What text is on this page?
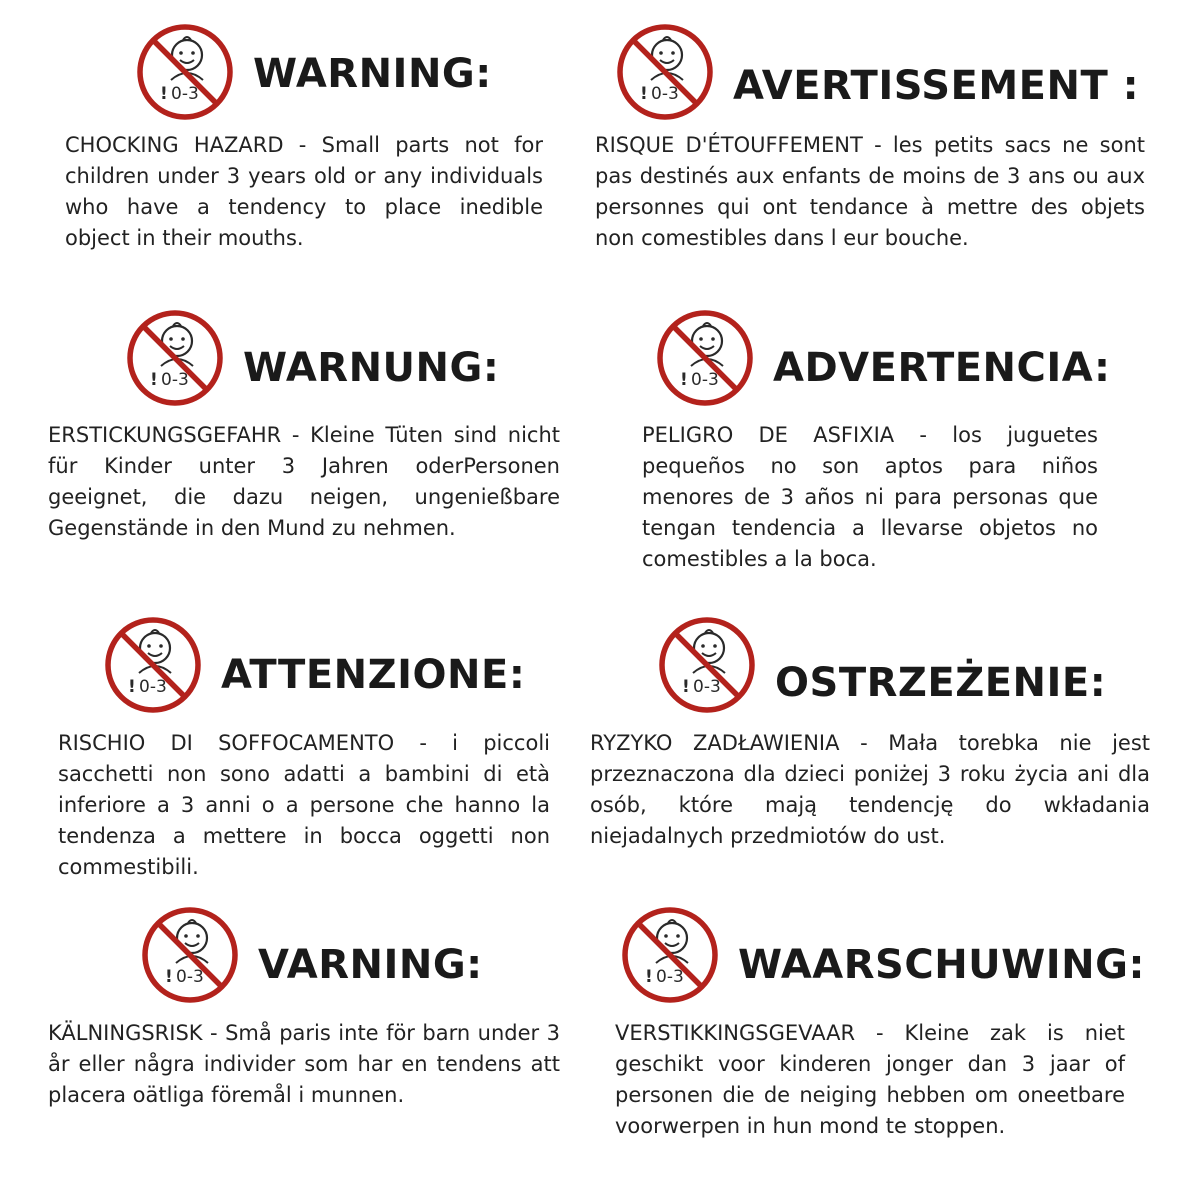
! 0-3 WARNING:

CHOCKING HAZARD - Small parts not for children under 3 years old or any individuals who have a tendency to place inedible object in their mouths.

! 0-3 AVERTISSEMENT :

RISQUE D'ÉTOUFFEMENT - les petits sacs ne sont pas destinés aux enfants de moins de 3 ans ou aux personnes qui ont tendance à mettre des objets non comestibles dans l eur bouche.

! 0-3 WARNUNG:

ERSTICKUNGSGEFAHR - Kleine Tüten sind nicht für Kinder unter 3 Jahren oderPersonen geeignet, die dazu neigen, ungenießbare Gegenstände in den Mund zu nehmen.

! 0-3 ADVERTENCIA:

PELIGRO DE ASFIXIA - los juguetes pequeños no son aptos para niños menores de 3 años ni para personas que tengan tendencia a llevarse objetos no comestibles a la boca.

! 0-3 ATTENZIONE:

RISCHIO DI SOFFOCAMENTO - i piccoli sacchetti non sono adatti a bambini di età inferiore a 3 anni o a persone che hanno la tendenza a mettere in bocca oggetti non commestibili.

! 0-3 OSTRZEŻENIE:

RYZYKO ZADŁAWIENIA - Mała torebka nie jest przeznaczona dla dzieci poniżej 3 roku życia ani dla osób, które mają tendencję do wkładania niejadalnych przedmiotów do ust.

! 0-3 VARNING:

KÄLNINGSRISK - Små paris inte för barn under 3 år eller några individer som har en tendens att placera oätliga föremål i munnen.

! 0-3 WAARSCHUWING:

VERSTIKKINGSGEVAAR - Kleine zak is niet geschikt voor kinderen jonger dan 3 jaar of personen die de neiging hebben om oneetbare voorwerpen in hun mond te stoppen.
